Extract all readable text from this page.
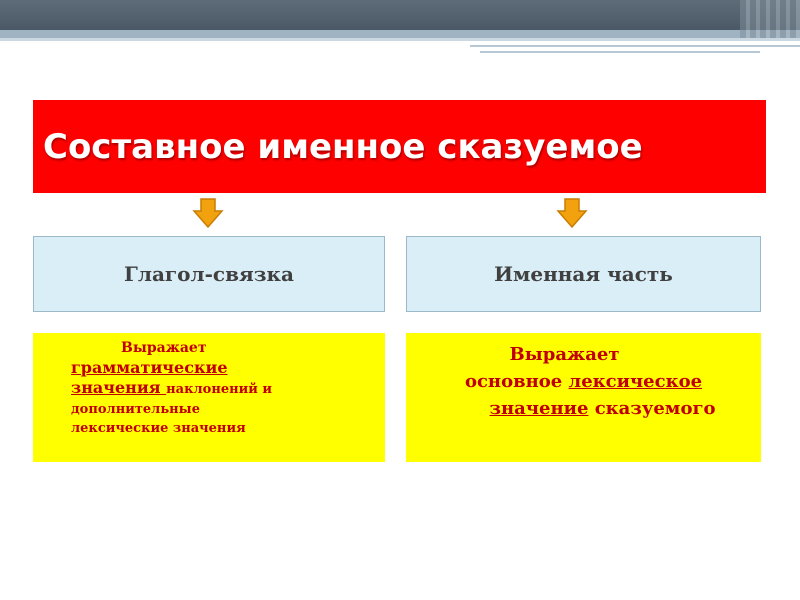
Составное именное сказуемое
Глагол-связка	Именная часть
Выражает
грамматические
значения наклонений и
дополнительные
лексические значения
Выражает
основное лексическое
значение сказуемого
